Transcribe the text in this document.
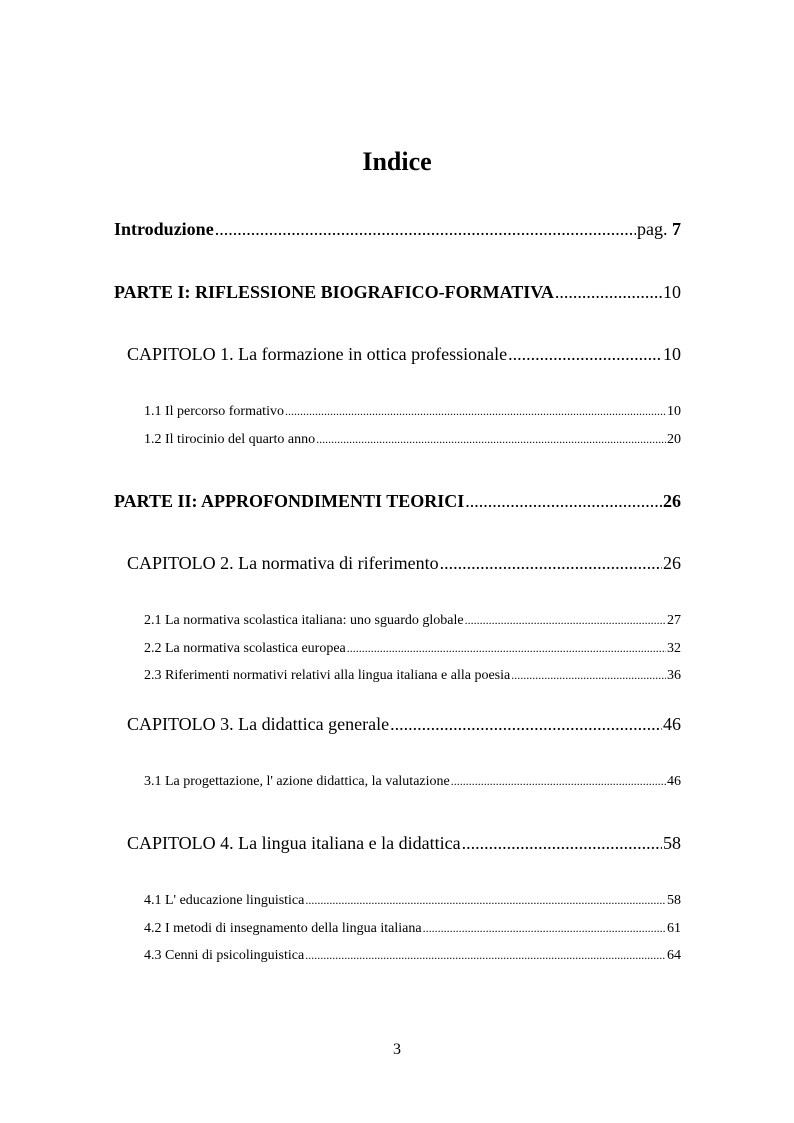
Indice
Introduzione .....	pag. 7
PARTE I: RIFLESSIONE BIOGRAFICO-FORMATIVA .....	10
CAPITOLO 1. La formazione in ottica professionale .....	10
1.1 Il percorso formativo .....	10
1.2 Il tirocinio del quarto anno .....	20
PARTE II: APPROFONDIMENTI TEORICI .....	26
CAPITOLO 2. La normativa di riferimento .....	26
2.1 La normativa scolastica italiana: uno sguardo globale .....	27
2.2 La normativa scolastica europea .....	32
2.3 Riferimenti normativi relativi alla lingua italiana e alla poesia .....	36
CAPITOLO 3. La didattica generale .....	46
3.1 La progettazione, l' azione didattica, la valutazione .....	46
CAPITOLO 4. La lingua italiana e la didattica .....	58
4.1 L' educazione linguistica .....	58
4.2 I metodi di insegnamento della lingua italiana .....	61
4.3 Cenni di psicolinguistica .....	64
3
